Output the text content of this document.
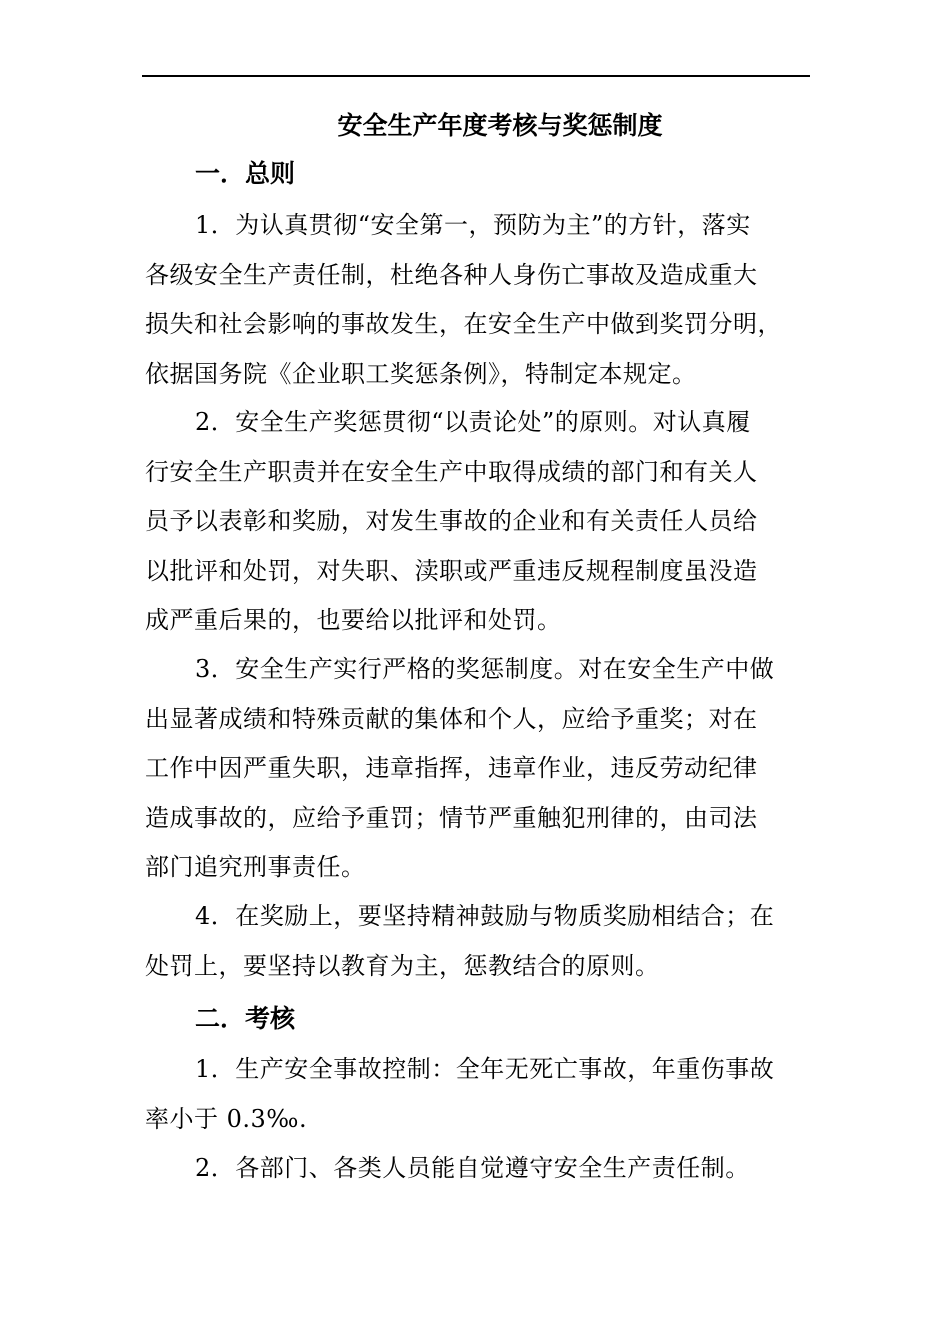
安全生产年度考核与奖惩制度
一．总则

1．为认真贯彻“安全第一，预防为主”的方针，落实
各级安全生产责任制，杜绝各种人身伤亡事故及造成重大
损失和社会影响的事故发生，在安全生产中做到奖罚分明，
依据国务院《企业职工奖惩条例》，特制定本规定。

2．安全生产奖惩贯彻“以责论处”的原则。对认真履
行安全生产职责并在安全生产中取得成绩的部门和有关人
员予以表彰和奖励，对发生事故的企业和有关责任人员给
以批评和处罚，对失职、渎职或严重违反规程制度虽没造
成严重后果的，也要给以批评和处罚。

3．安全生产实行严格的奖惩制度。对在安全生产中做
出显著成绩和特殊贡献的集体和个人，应给予重奖；对在
工作中因严重失职，违章指挥，违章作业，违反劳动纪律
造成事故的，应给予重罚；情节严重触犯刑律的，由司法
部门追究刑事责任。

4．在奖励上，要坚持精神鼓励与物质奖励相结合；在
处罚上，要坚持以教育为主，惩教结合的原则。

二．考核

1．生产安全事故控制：全年无死亡事故，年重伤事故
率小于 0.3‰.

2．各部门、各类人员能自觉遵守安全生产责任制。
